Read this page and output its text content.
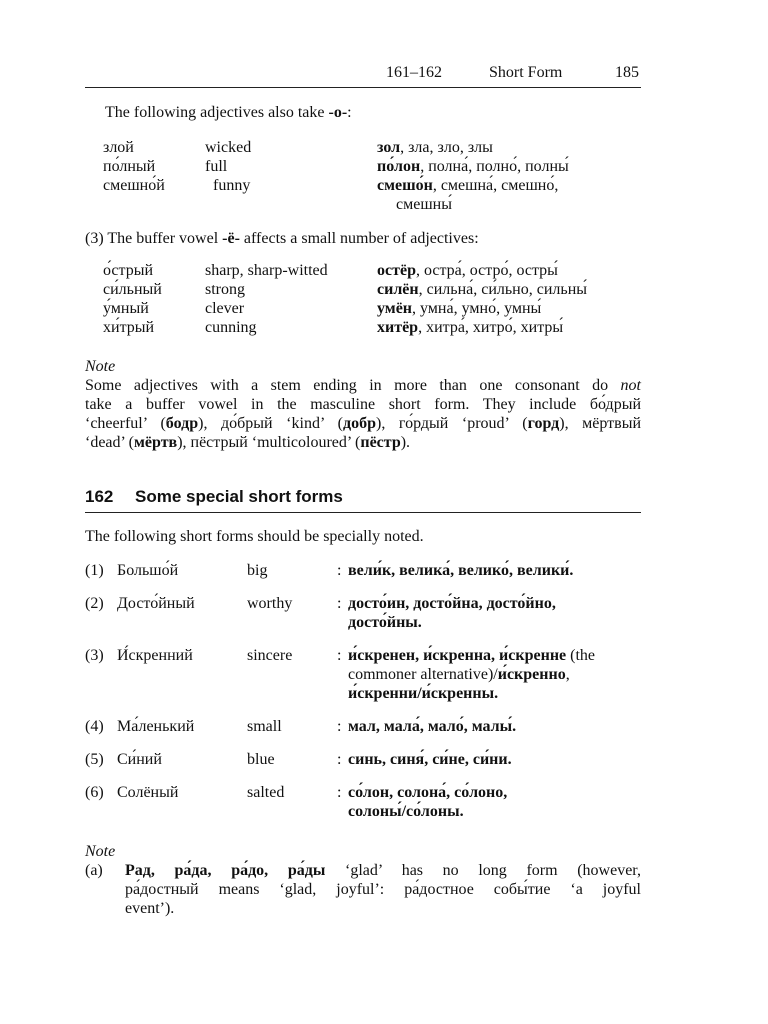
161–162	Short Form	185
The following adjectives also take -o-:
злой	wicked	зол, зла, зло, злы
по́лный	full	по́лон, полна́, полно́, полны́
смешно́й	funny	смешо́н, смешна́, смешно́,
смешны́
(3) The buffer vowel -ё- affects a small number of adjectives:
о́стрый	sharp, sharp-witted	остёр, остра́, остро́, остры́
си́льный	strong	силён, сильна́, си́льно, сильны́
у́мный	clever	умён, умна́, умно́, умны́
хи́трый	cunning	хитёр, хитра́, хитро́, хитры́
Note
Some adjectives with a stem ending in more than one consonant do not
take a buffer vowel in the masculine short form. They include бо́дрый
‘cheerful’ (бодр), до́брый ‘kind’ (добр), го́рдый ‘proud’ (горд), мёртвый
‘dead’ (мёртв), пёстрый ‘multicoloured’ (пёстр).
162 Some special short forms
The following short forms should be specially noted.
(1) Большо́й	big	: вели́к, велика́, велико́, велики́.
(2) Досто́йный	worthy	: досто́ин, досто́йна, досто́йно,
досто́йны.
(3) И́скренний	sincere	: и́скренен, и́скренна, и́скренне (the
commoner alternative)/и́скренно,
и́скренни/и́скренны.
(4) Ма́ленький	small	: мал, мала́, мало́, малы́.
(5) Си́ний	blue	: синь, синя́, си́не, си́ни.
(6) Солёный	salted	: со́лон, солона́, со́лоно,
солоны́/со́лоны.
Note
(a) Рад, ра́да, ра́до, ра́ды ‘glad’ has no long form (however,
ра́достный means ‘glad, joyful’: ра́достное собы́тие ‘a joyful
event’).
